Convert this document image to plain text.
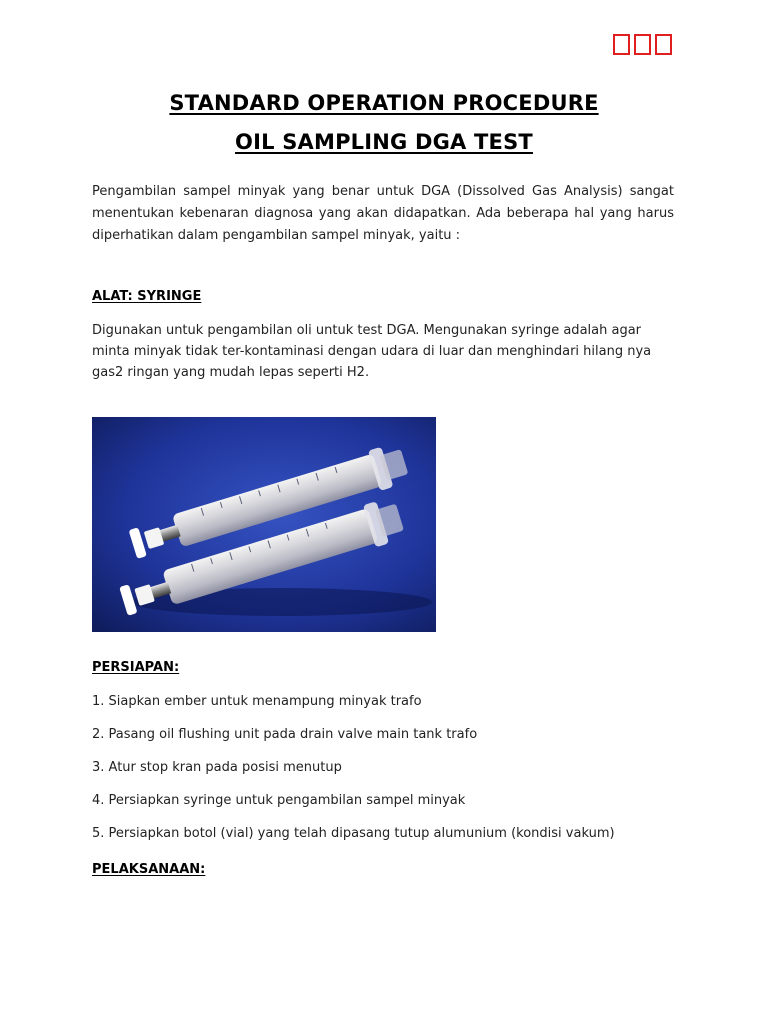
STANDARD OPERATION PROCEDURE
OIL SAMPLING DGA TEST

Pengambilan sampel minyak yang benar untuk DGA (Dissolved Gas Analysis) sangat menentukan kebenaran diagnosa yang akan didapatkan. Ada beberapa hal yang harus diperhatikan dalam pengambilan sampel minyak, yaitu :

ALAT: SYRINGE

Digunakan untuk pengambilan oli untuk test DGA. Mengunakan syringe adalah agar minta minyak tidak ter-kontaminasi dengan udara di luar dan menghindari hilang nya gas2 ringan yang mudah lepas seperti H2.

PERSIAPAN:
1. Siapkan ember untuk menampung minyak trafo
2. Pasang oil flushing unit pada drain valve main tank trafo
3. Atur stop kran pada posisi menutup
4. Persiapkan syringe untuk pengambilan sampel minyak
5. Persiapkan botol (vial) yang telah dipasang tutup alumunium (kondisi vakum)
PELAKSANAAN:
